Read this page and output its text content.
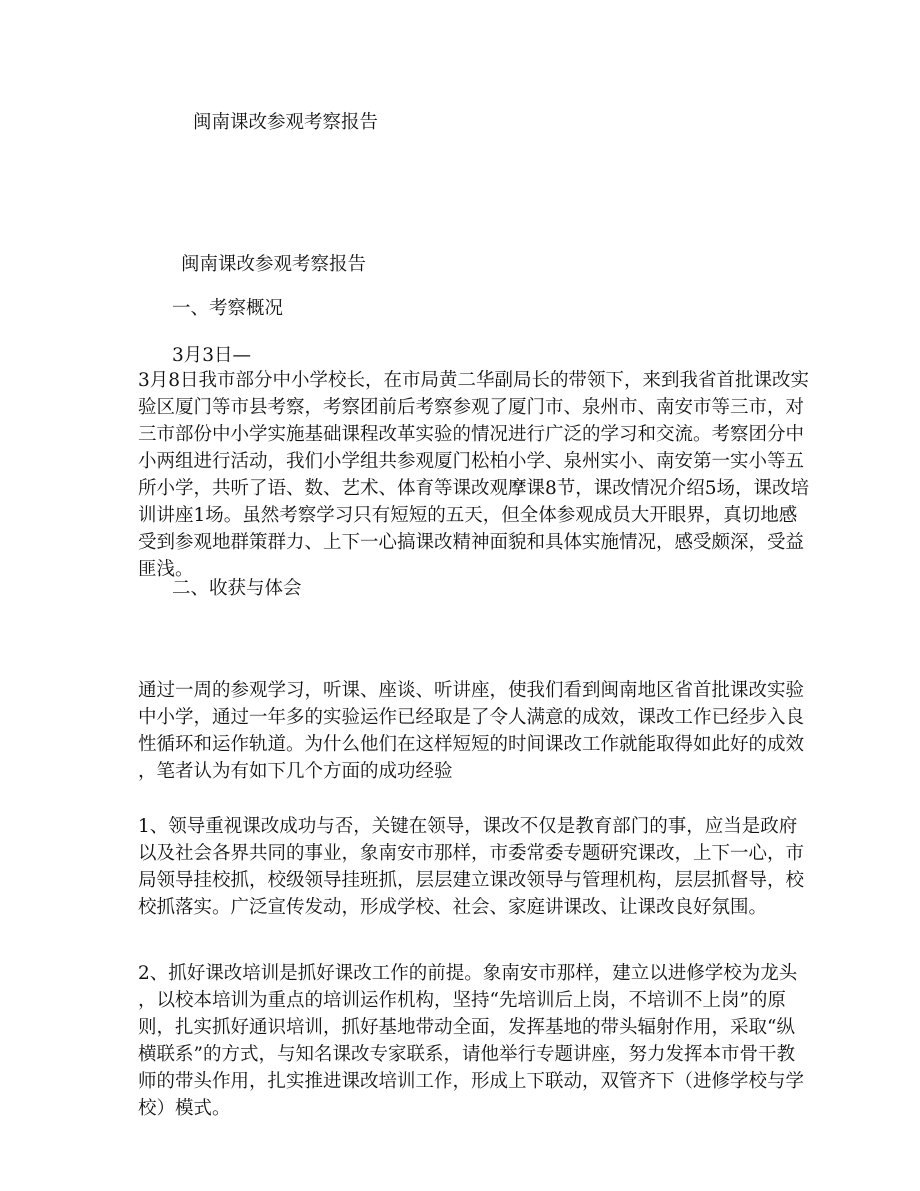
闽南课改参观考察报告
闽南课改参观考察报告
一、考察概况
3月3日—
3月8日我市部分中小学校长，在市局黄二华副局长的带领下，来到我省首批课改实
验区厦门等市县考察，考察团前后考察参观了厦门市、泉州市、南安市等三市，对
三市部份中小学实施基础课程改革实验的情况进行广泛的学习和交流。考察团分中
小两组进行活动，我们小学组共参观厦门松柏小学、泉州实小、南安第一实小等五
所小学，共听了语、数、艺术、体育等课改观摩课8节，课改情况介绍5场，课改培
训讲座1场。虽然考察学习只有短短的五天，但全体参观成员大开眼界，真切地感
受到参观地群策群力、上下一心搞课改精神面貌和具体实施情况，感受颇深，受益
匪浅。
二、收获与体会
通过一周的参观学习，听课、座谈、听讲座，使我们看到闽南地区省首批课改实验
中小学，通过一年多的实验运作已经取是了令人满意的成效，课改工作已经步入良
性循环和运作轨道。为什么他们在这样短短的时间课改工作就能取得如此好的成效
，笔者认为有如下几个方面的成功经验
1、领导重视课改成功与否，关键在领导，课改不仅是教育部门的事，应当是政府
以及社会各界共同的事业，象南安市那样，市委常委专题研究课改，上下一心，市
局领导挂校抓，校级领导挂班抓，层层建立课改领导与管理机构，层层抓督导，校
校抓落实。广泛宣传发动，形成学校、社会、家庭讲课改、让课改良好氛围。
2、抓好课改培训是抓好课改工作的前提。象南安市那样，建立以进修学校为龙头
，以校本培训为重点的培训运作机构，坚持“先培训后上岗，不培训不上岗”的原
则，扎实抓好通识培训，抓好基地带动全面，发挥基地的带头辐射作用，采取“纵
横联系”的方式，与知名课改专家联系，请他举行专题讲座，努力发挥本市骨干教
师的带头作用，扎实推进课改培训工作，形成上下联动，双管齐下（进修学校与学
校）模式。
